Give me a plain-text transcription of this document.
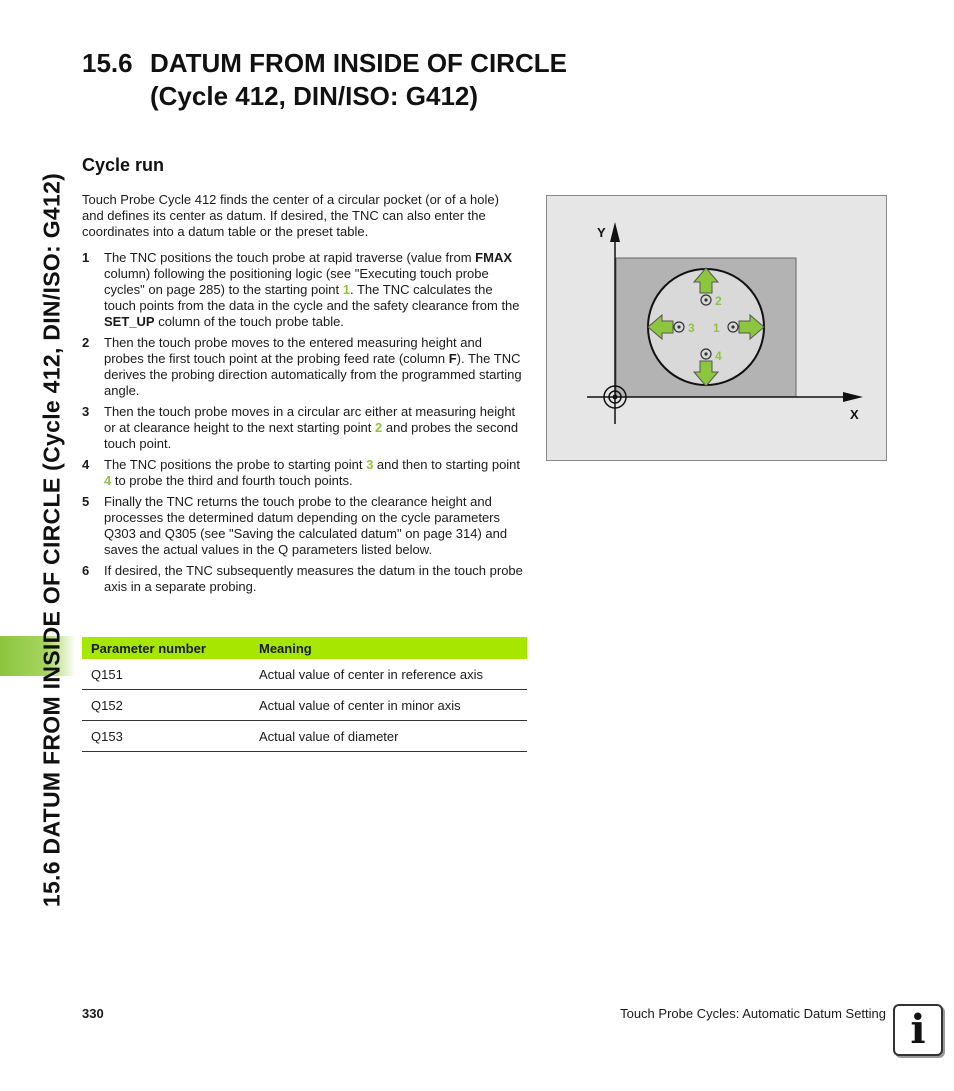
15.6 DATUM FROM INSIDE OF CIRCLE (Cycle 412, DIN/ISO: G412)
15.6 DATUM FROM INSIDE OF CIRCLE (Cycle 412, DIN/ISO: G412)
Cycle run

Touch Probe Cycle 412 finds the center of a circular pocket (or of a hole) and defines its center as datum. If desired, the TNC can also enter the coordinates into a datum table or the preset table.

1 The TNC positions the touch probe at rapid traverse (value from FMAX column) following the positioning logic (see "Executing touch probe cycles" on page 285) to the starting point 1. The TNC calculates the touch points from the data in the cycle and the safety clearance from the SET_UP column of the touch probe table.
2 Then the touch probe moves to the entered measuring height and probes the first touch point at the probing feed rate (column F). The TNC derives the probing direction automatically from the programmed starting angle.
3 Then the touch probe moves in a circular arc either at measuring height or at clearance height to the next starting point 2 and probes the second touch point.
4 The TNC positions the probe to starting point 3 and then to starting point 4 to probe the third and fourth touch points.
5 Finally the TNC returns the touch probe to the clearance height and processes the determined datum depending on the cycle parameters Q303 and Q305 (see "Saving the calculated datum" on page 314) and saves the actual values in the Q parameters listed below.
6 If desired, the TNC subsequently measures the datum in the touch probe axis in a separate probing.
Parameter number	Meaning
Q151	Actual value of center in reference axis
Q152	Actual value of center in minor axis
Q153	Actual value of diameter
Y
X
2
4
3 1
330	Touch Probe Cycles: Automatic Datum Setting i
